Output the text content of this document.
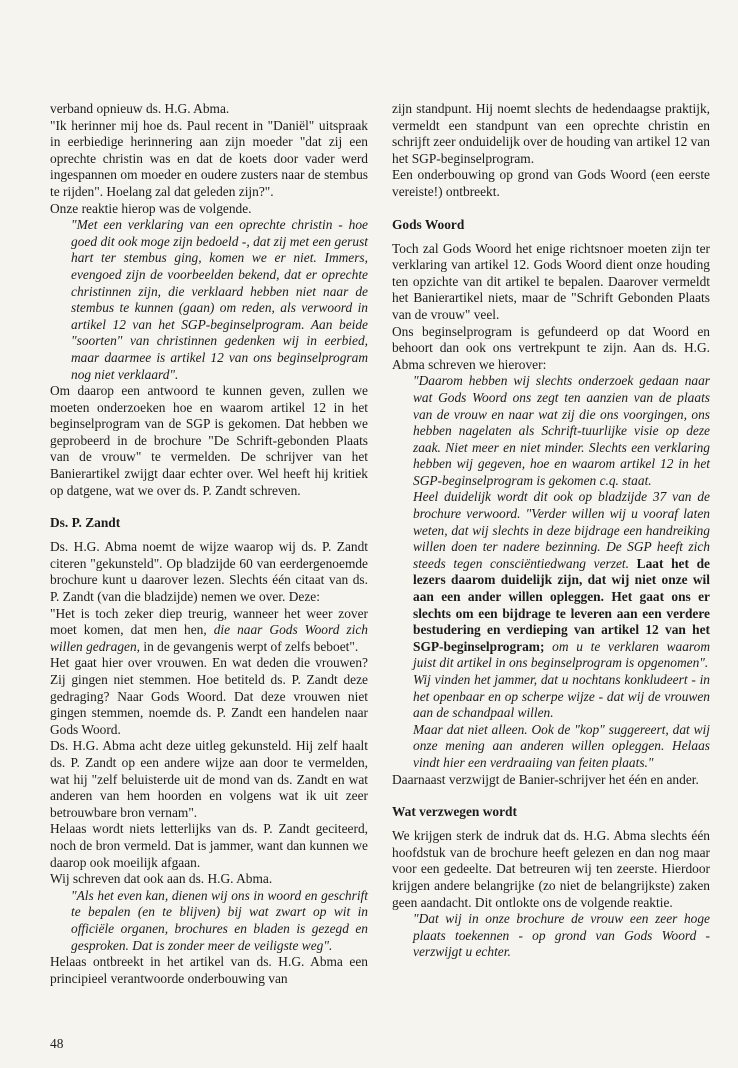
verband opnieuw ds. H.G. Abma.

"Ik herinner mij hoe ds. Paul recent in "Daniël" uitspraak in eerbiedige herinnering aan zijn moeder "dat zij een oprechte christin was en dat de koets door vader werd ingespannen om moeder en oudere zusters naar de stembus te rijden". Hoelang zal dat geleden zijn?".

Onze reaktie hierop was de volgende.

"Met een verklaring van een oprechte christin - hoe goed dit ook moge zijn bedoeld -, dat zij met een gerust hart ter stembus ging, komen we er niet. Immers, evengoed zijn de voorbeelden bekend, dat er oprechte christinnen zijn, die verklaard hebben niet naar de stembus te kunnen (gaan) om reden, als verwoord in artikel 12 van het SGP-beginselprogram. Aan beide "soorten" van christinnen gedenken wij in eerbied, maar daarmee is artikel 12 van ons beginselprogram nog niet verklaard".

Om daarop een antwoord te kunnen geven, zullen we moeten onderzoeken hoe en waarom artikel 12 in het beginselprogram van de SGP is gekomen. Dat hebben we geprobeerd in de brochure "De Schrift-gebonden Plaats van de vrouw" te vermelden. De schrijver van het Banierartikel zwijgt daar echter over. Wel heeft hij kritiek op datgene, wat we over ds. P. Zandt schreven.

Ds. P. Zandt

Ds. H.G. Abma noemt de wijze waarop wij ds. P. Zandt citeren "gekunsteld". Op bladzijde 60 van eerdergenoemde brochure kunt u daarover lezen. Slechts één citaat van ds. P. Zandt (van die bladzijde) nemen we over. Deze:

"Het is toch zeker diep treurig, wanneer het weer zover moet komen, dat men hen, die naar Gods Woord zich willen gedragen, in de gevangenis werpt of zelfs beboet".

Het gaat hier over vrouwen. En wat deden die vrouwen? Zij gingen niet stemmen. Hoe betiteld ds. P. Zandt deze gedraging? Naar Gods Woord. Dat deze vrouwen niet gingen stemmen, noemde ds. P. Zandt een handelen naar Gods Woord.

Ds. H.G. Abma acht deze uitleg gekunsteld. Hij zelf haalt ds. P. Zandt op een andere wijze aan door te vermelden, wat hij "zelf beluisterde uit de mond van ds. Zandt en wat anderen van hem hoorden en volgens wat ik uit zeer betrouwbare bron vernam".

Helaas wordt niets letterlijks van ds. P. Zandt geciteerd, noch de bron vermeld. Dat is jammer, want dan kunnen we daarop ook moeilijk afgaan.

Wij schreven dat ook aan ds. H.G. Abma.

"Als het even kan, dienen wij ons in woord en geschrift te bepalen (en te blijven) bij wat zwart op wit in officiële organen, brochures en bladen is gezegd en gesproken. Dat is zonder meer de veiligste weg".

Helaas ontbreekt in het artikel van ds. H.G. Abma een principieel verantwoorde onderbouwing van

zijn standpunt. Hij noemt slechts de hedendaagse praktijk, vermeldt een standpunt van een oprechte christin en schrijft zeer onduidelijk over de houding van artikel 12 van het SGP-beginselprogram.

Een onderbouwing op grond van Gods Woord (een eerste vereiste!) ontbreekt.

Gods Woord

Toch zal Gods Woord het enige richtsnoer moeten zijn ter verklaring van artikel 12. Gods Woord dient onze houding ten opzichte van dit artikel te bepalen. Daarover vermeldt het Banierartikel niets, maar de "Schrift Gebonden Plaats van de vrouw" veel.

Ons beginselprogram is gefundeerd op dat Woord en behoort dan ook ons vertrekpunt te zijn. Aan ds. H.G. Abma schreven we hierover:

"Daarom hebben wij slechts onderzoek gedaan naar wat Gods Woord ons zegt ten aanzien van de plaats van de vrouw en naar wat zij die ons voorgingen, ons hebben nagelaten als Schrift-tuurlijke visie op deze zaak. Niet meer en niet minder. Slechts een verklaring hebben wij gegeven, hoe en waarom artikel 12 in het SGP-beginselprogram is gekomen c.q. staat.

Heel duidelijk wordt dit ook op bladzijde 37 van de brochure verwoord. "Verder willen wij u vooraf laten weten, dat wij slechts in deze bijdrage een handreiking willen doen ter nadere bezinning. De SGP heeft zich steeds tegen consciëntiedwang verzet. Laat het de lezers daarom duidelijk zijn, dat wij niet onze wil aan een ander willen opleggen. Het gaat ons er slechts om een bijdrage te leveren aan een verdere bestudering en verdieping van artikel 12 van het SGP-beginselprogram; om u te verklaren waarom juist dit artikel in ons beginselprogram is opgenomen".

Wij vinden het jammer, dat u nochtans konkludeert - in het openbaar en op scherpe wijze - dat wij de vrouwen aan de schandpaal willen.

Maar dat niet alleen. Ook de "kop" suggereert, dat wij onze mening aan anderen willen opleggen. Helaas vindt hier een verdraaiing van feiten plaats."

Daarnaast verzwijgt de Banier-schrijver het één en ander.

Wat verzwegen wordt

We krijgen sterk de indruk dat ds. H.G. Abma slechts één hoofdstuk van de brochure heeft gelezen en dan nog maar voor een gedeelte. Dat betreuren wij ten zeerste. Hierdoor krijgen andere belangrijke (zo niet de belangrijkste) zaken geen aandacht. Dit ontlokte ons de volgende reaktie.

"Dat wij in onze brochure de vrouw een zeer hoge plaats toekennen - op grond van Gods Woord - verzwijgt u echter.

48
